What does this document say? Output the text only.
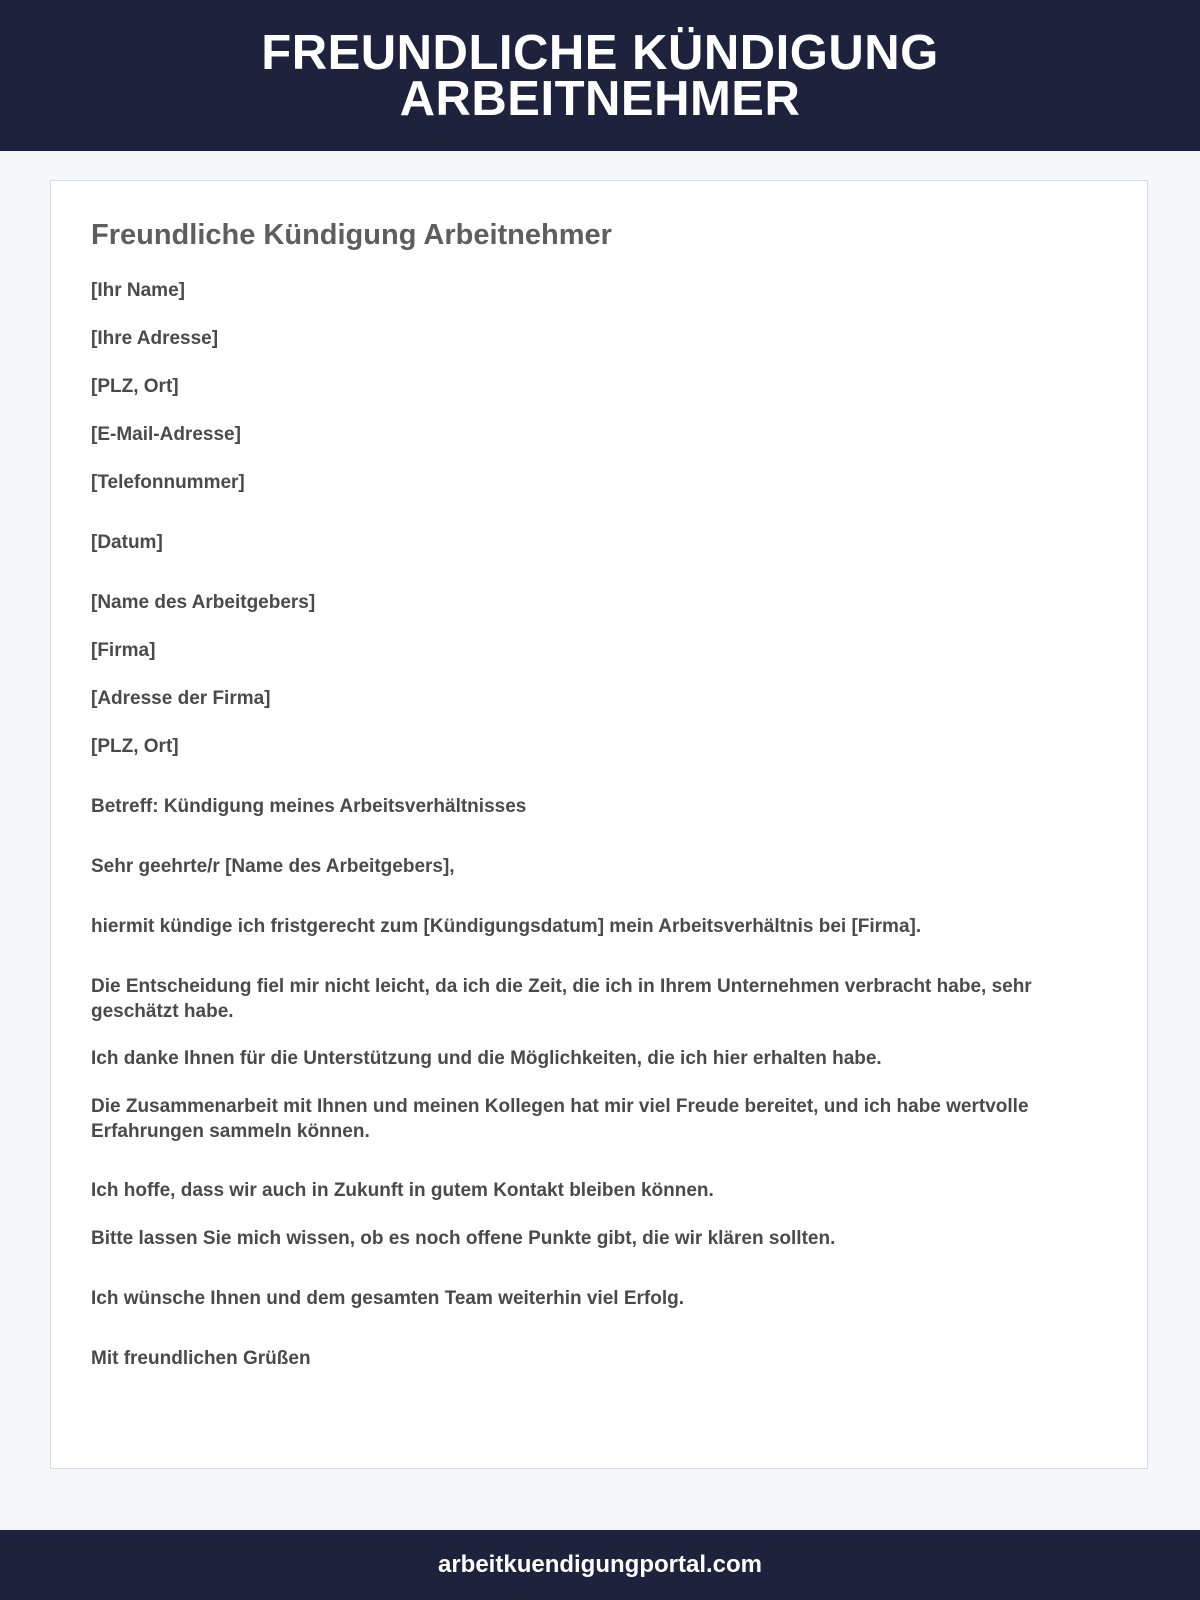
FREUNDLICHE KÜNDIGUNG ARBEITNEHMER
Freundliche Kündigung Arbeitnehmer

[Ihr Name]

[Ihre Adresse]

[PLZ, Ort]

[E-Mail-Adresse]

[Telefonnummer]

[Datum]

[Name des Arbeitgebers]

[Firma]

[Adresse der Firma]

[PLZ, Ort]

Betreff: Kündigung meines Arbeitsverhältnisses

Sehr geehrte/r [Name des Arbeitgebers],

hiermit kündige ich fristgerecht zum [Kündigungsdatum] mein Arbeitsverhältnis bei [Firma].

Die Entscheidung fiel mir nicht leicht, da ich die Zeit, die ich in Ihrem Unternehmen verbracht habe, sehr geschätzt habe.

Ich danke Ihnen für die Unterstützung und die Möglichkeiten, die ich hier erhalten habe.

Die Zusammenarbeit mit Ihnen und meinen Kollegen hat mir viel Freude bereitet, und ich habe wertvolle Erfahrungen sammeln können.

Ich hoffe, dass wir auch in Zukunft in gutem Kontakt bleiben können.

Bitte lassen Sie mich wissen, ob es noch offene Punkte gibt, die wir klären sollten.

Ich wünsche Ihnen und dem gesamten Team weiterhin viel Erfolg.

Mit freundlichen Grüßen

arbeitkuendigungportal.com
